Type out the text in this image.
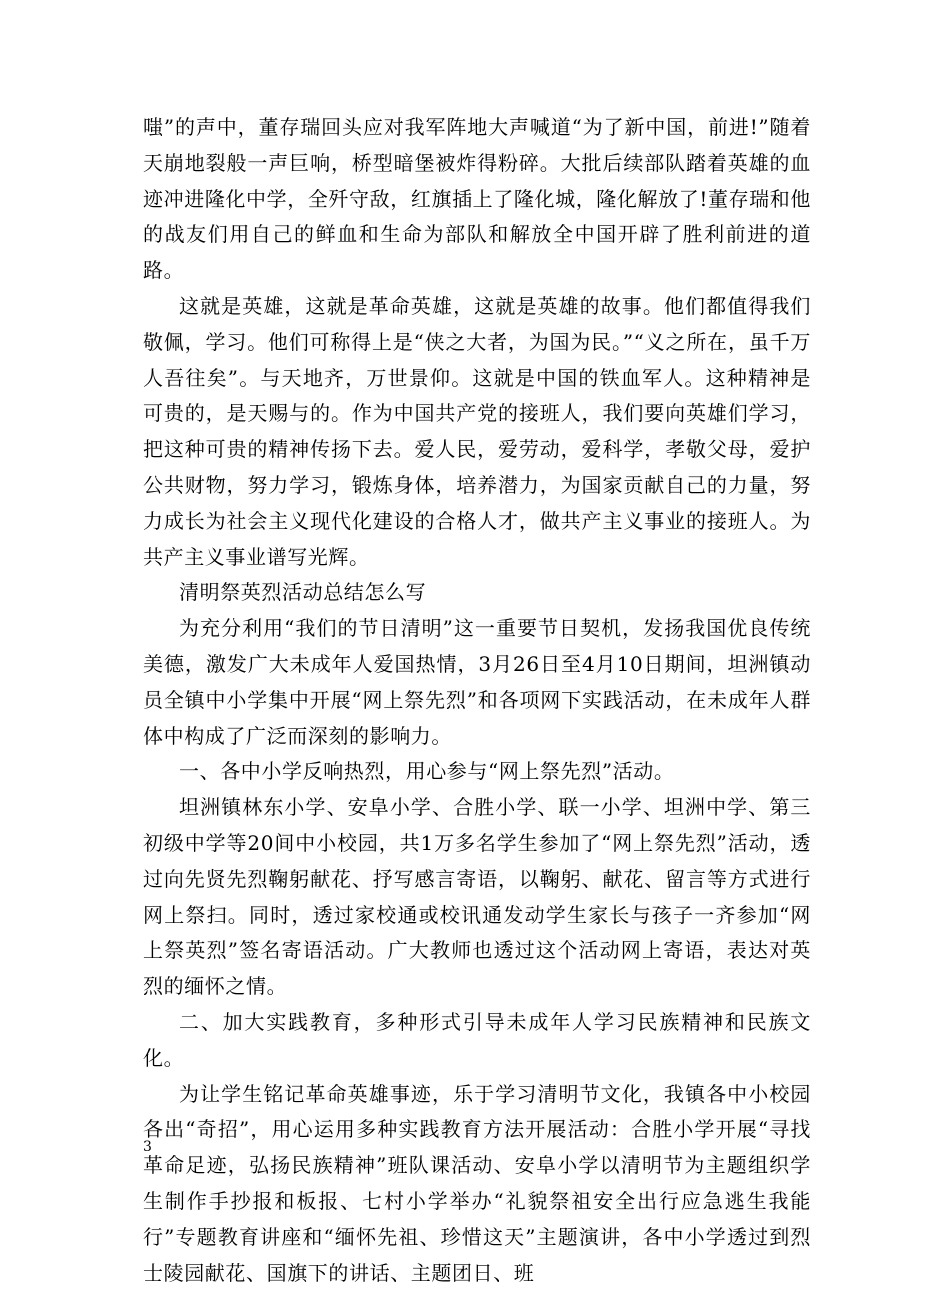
嗤”的声中，董存瑞回头应对我军阵地大声喊道“为了新中国，前进!”随着天崩地裂般一声巨响，桥型暗堡被炸得粉碎。大批后续部队踏着英雄的血迹冲进隆化中学，全歼守敌，红旗插上了隆化城，隆化解放了!董存瑞和他的战友们用自己的鲜血和生命为部队和解放全中国开辟了胜利前进的道路。

这就是英雄，这就是革命英雄，这就是英雄的故事。他们都值得我们敬佩，学习。他们可称得上是“侠之大者，为国为民。”“义之所在，虽千万人吾往矣”。与天地齐，万世景仰。这就是中国的铁血军人。这种精神是可贵的，是天赐与的。作为中国共产党的接班人，我们要向英雄们学习，把这种可贵的精神传扬下去。爱人民，爱劳动，爱科学，孝敬父母，爱护公共财物，努力学习，锻炼身体，培养潜力，为国家贡献自己的力量，努力成长为社会主义现代化建设的合格人才，做共产主义事业的接班人。为共产主义事业谱写光辉。

清明祭英烈活动总结怎么写

为充分利用“我们的节日清明”这一重要节日契机，发扬我国优良传统美德，激发广大未成年人爱国热情，3月26日至4月10日期间，坦洲镇动员全镇中小学集中开展“网上祭先烈”和各项网下实践活动，在未成年人群体中构成了广泛而深刻的影响力。

一、各中小学反响热烈，用心参与“网上祭先烈”活动。

坦洲镇林东小学、安阜小学、合胜小学、联一小学、坦洲中学、第三初级中学等20间中小校园，共1万多名学生参加了“网上祭先烈”活动，透过向先贤先烈鞠躬献花、抒写感言寄语，以鞠躬、献花、留言等方式进行网上祭扫。同时，透过家校通或校讯通发动学生家长与孩子一齐参加“网上祭英烈”签名寄语活动。广大教师也透过这个活动网上寄语，表达对英烈的缅怀之情。

二、加大实践教育，多种形式引导未成年人学习民族精神和民族文化。

为让学生铭记革命英雄事迹，乐于学习清明节文化，我镇各中小校园各出“奇招”，用心运用多种实践教育方法开展活动：合胜小学开展“寻找革命足迹，弘扬民族精神”班队课活动、安阜小学以清明节为主题组织学生制作手抄报和板报、七村小学举办“礼貌祭祖安全出行应急逃生我能行”专题教育讲座和“缅怀先祖、珍惜这天”主题演讲，各中小学透过到烈士陵园献花、国旗下的讲话、主题团日、班

3
